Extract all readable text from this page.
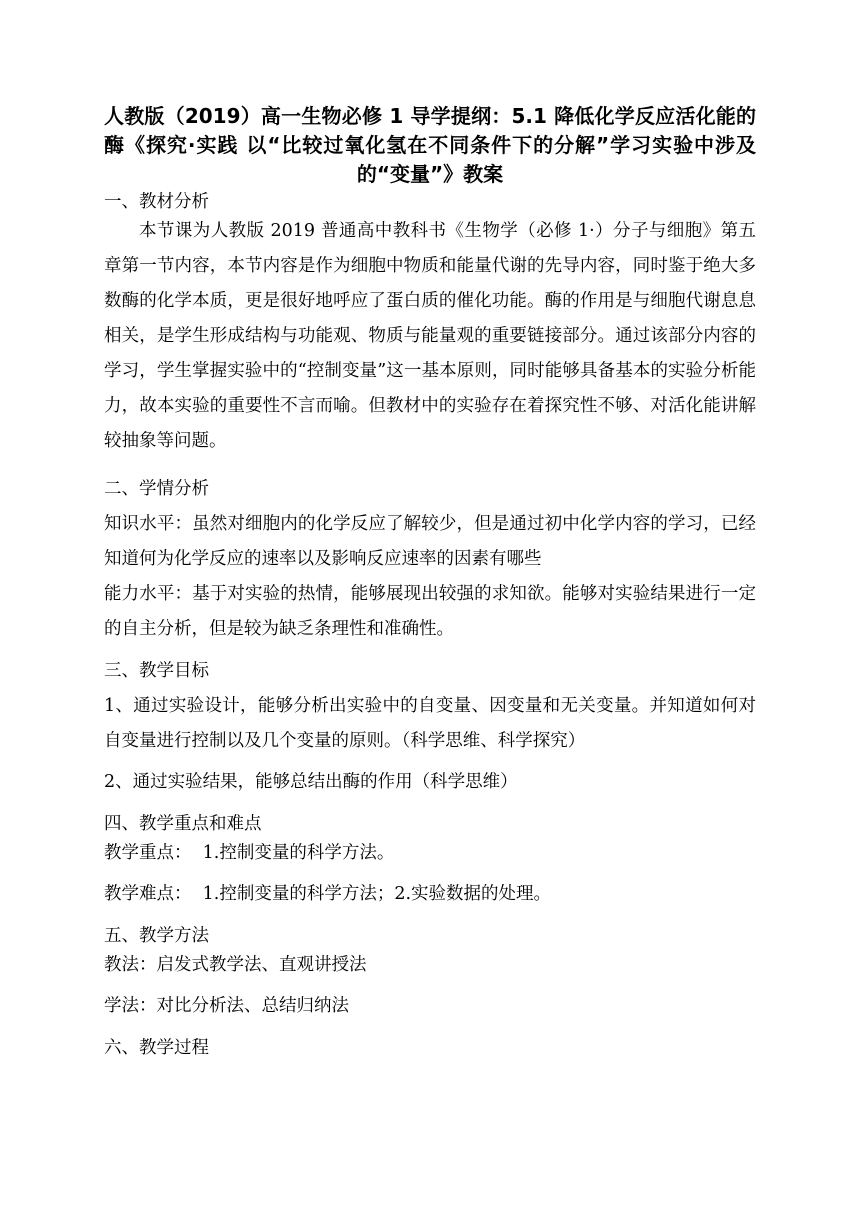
人教版（2019）高一生物必修 1 导学提纲：5.1 降低化学反应活化能的酶《探究·实践 以“比较过氧化氢在不同条件下的分解”学习实验中涉及的“变量”》教案
一、教材分析
本节课为人教版 2019 普通高中教科书《生物学（必修 1·）分子与细胞》第五章第一节内容，本节内容是作为细胞中物质和能量代谢的先导内容，同时鉴于绝大多数酶的化学本质，更是很好地呼应了蛋白质的催化功能。酶的作用是与细胞代谢息息相关，是学生形成结构与功能观、物质与能量观的重要链接部分。通过该部分内容的学习，学生掌握实验中的“控制变量”这一基本原则，同时能够具备基本的实验分析能力，故本实验的重要性不言而喻。但教材中的实验存在着探究性不够、对活化能讲解较抽象等问题。
二、学情分析
知识水平：虽然对细胞内的化学反应了解较少，但是通过初中化学内容的学习，已经知道何为化学反应的速率以及影响反应速率的因素有哪些
能力水平：基于对实验的热情，能够展现出较强的求知欲。能够对实验结果进行一定的自主分析，但是较为缺乏条理性和准确性。
三、教学目标
1、通过实验设计，能够分析出实验中的自变量、因变量和无关变量。并知道如何对自变量进行控制以及几个变量的原则。（科学思维、科学探究）
2、通过实验结果，能够总结出酶的作用（科学思维）
四、教学重点和难点
教学重点：  1.控制变量的科学方法。
教学难点：  1.控制变量的科学方法；2.实验数据的处理。
五、教学方法
教法：启发式教学法、直观讲授法
学法：对比分析法、总结归纳法
六、教学过程
